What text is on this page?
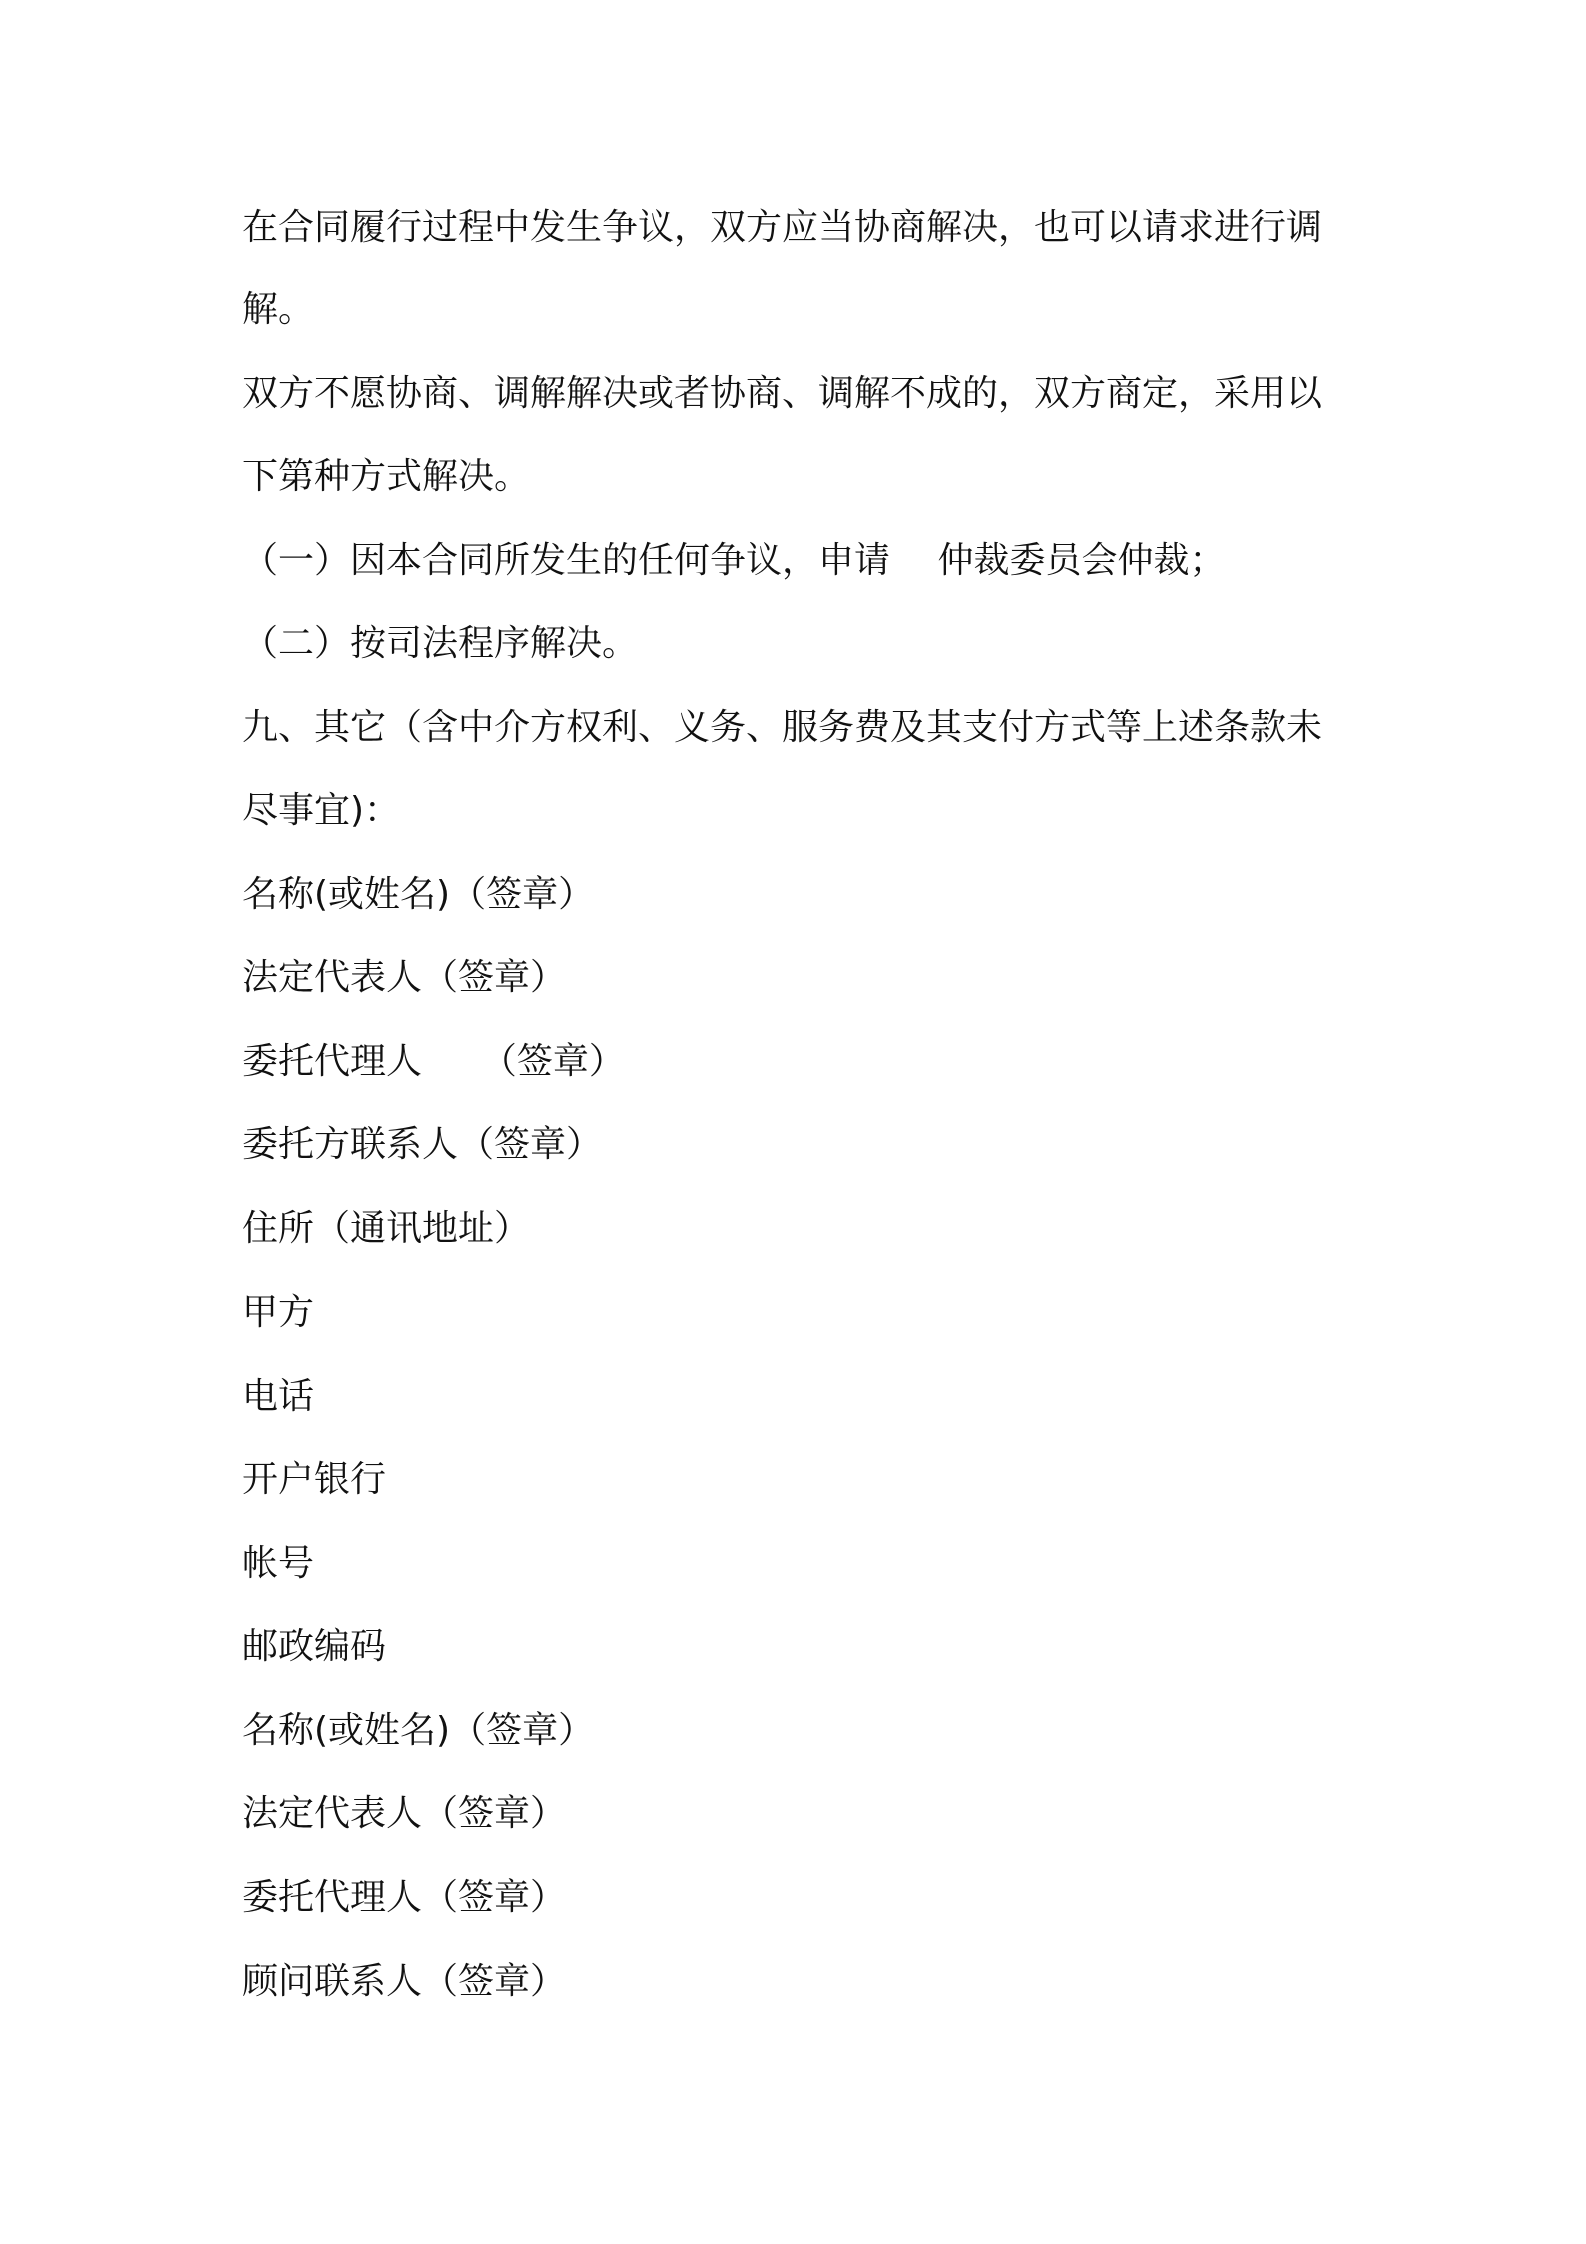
在合同履行过程中发生争议，双方应当协商解决，也可以请求进行调
解。
双方不愿协商、调解解决或者协商、调解不成的，双方商定，采用以
下第种方式解决。
（一）因本合同所发生的任何争议，申请　 仲裁委员会仲裁；
（二）按司法程序解决。
九、其它（含中介方权利、义务、服务费及其支付方式等上述条款未
尽事宜)：
名称(或姓名)（签章）
法定代表人（签章）
委托代理人　  （签章）
委托方联系人（签章）
住所（通讯地址）
甲方
电话
开户银行
帐号
邮政编码
名称(或姓名)（签章）
法定代表人（签章）
委托代理人（签章）
顾问联系人（签章）
